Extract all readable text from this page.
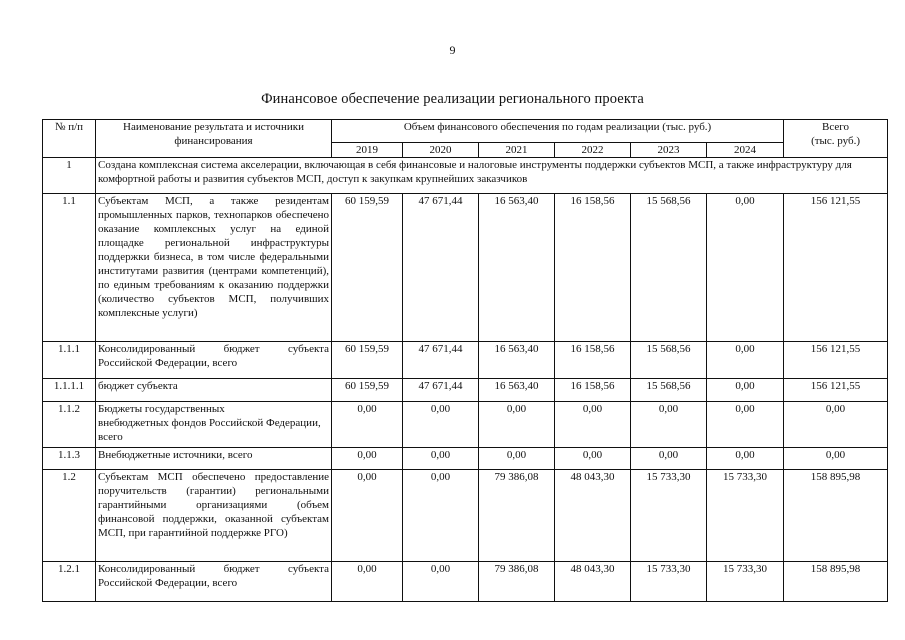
9
Финансовое обеспечение реализации регионального проекта
№ п/п	Наименование результата и источники финансирования	Объем финансового обеспечения по годам реализации (тыс. руб.)						Всего
(тыс. руб.)
		2019	2020	2021	2022	2023	2024	
1	Создана комплексная система акселерации, включающая в себя финансовые и налоговые инструменты поддержки субъектов МСП, а также инфраструктуру для комфортной работы и развития субъектов МСП, доступ к закупкам крупнейших заказчиков							
1.1	Субъектам МСП, а также резидентам промышленных парков, технопарков обеспечено оказание комплексных услуг на единой площадке региональной инфраструктуры поддержки бизнеса, в том числе федеральными институтами развития (центрами компетенций), по единым требованиям к оказанию поддержки (количество субъектов МСП, получивших комплексные услуги)	60 159,59	47 671,44	16 563,40	16 158,56	15 568,56	0,00	156 121,55
1.1.1	Консолидированный бюджет субъекта Российской Федерации, всего	60 159,59	47 671,44	16 563,40	16 158,56	15 568,56	0,00	156 121,55
1.1.1.1	бюджет субъекта	60 159,59	47 671,44	16 563,40	16 158,56	15 568,56	0,00	156 121,55
1.1.2	Бюджеты государственных
внебюджетных фондов Российской Федерации, всего	0,00	0,00	0,00	0,00	0,00	0,00	0,00
1.1.3	Внебюджетные источники, всего	0,00	0,00	0,00	0,00	0,00	0,00	0,00
1.2	Субъектам МСП обеспечено предоставление поручительств (гарантии) региональными гарантийными организациями (объем финансовой поддержки, оказанной субъектам МСП, при гарантийной поддержке РГО)	0,00	0,00	79 386,08	48 043,30	15 733,30	15 733,30	158 895,98
1.2.1	Консолидированный бюджет субъекта Российской Федерации, всего	0,00	0,00	79 386,08	48 043,30	15 733,30	15 733,30	158 895,98
